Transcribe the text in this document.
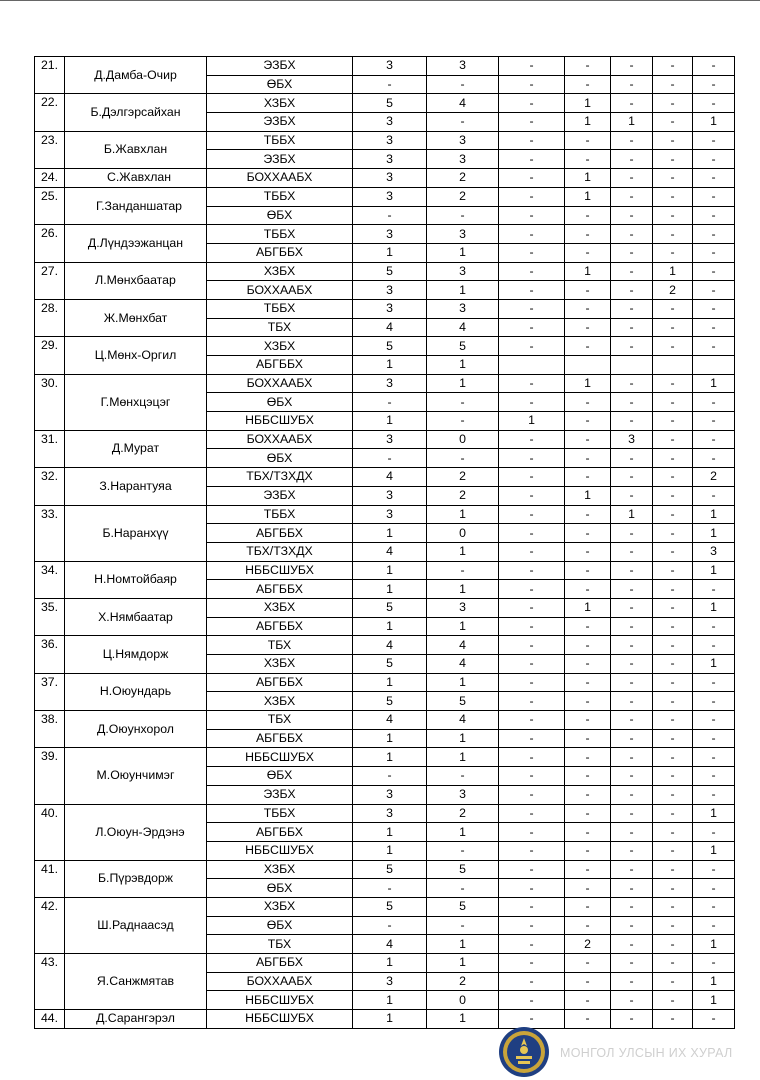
21.	Д.Дамба-Очир	ЭЗБХ	3	3	-	-	-	-	-
		ӨБХ	-	-	-	-	-	-	-
22.	Б.Дэлгэрсайхан	ХЗБХ	5	4	-	1	-	-	-
		ЭЗБХ	3	-	-	1	1	-	1
23.	Б.Жавхлан	ТББХ	3	3	-	-	-	-	-
		ЭЗБХ	3	3	-	-	-	-	-
24.	С.Жавхлан	БОХХААБХ	3	2	-	1	-	-	-
25.	Г.Занданшатар	ТББХ	3	2	-	1	-	-	-
		ӨБХ	-	-	-	-	-	-	-
26.	Д.Лүндээжанцан	ТББХ	3	3	-	-	-	-	-
		АБГББХ	1	1	-	-	-	-	-
27.	Л.Мөнхбаатар	ХЗБХ	5	3	-	1	-	1	-
		БОХХААБХ	3	1	-	-	-	2	-
28.	Ж.Мөнхбат	ТББХ	3	3	-	-	-	-	-
		ТБХ	4	4	-	-	-	-	-
29.	Ц.Мөнх-Оргил	ХЗБХ	5	5	-	-	-	-	-
		АБГББХ	1	1					
30.	Г.Мөнхцэцэг	БОХХААБХ	3	1	-	1	-	-	1
		ӨБХ	-	-	-	-	-	-	-
		НББСШУБХ	1	-	1	-	-	-	-
31.	Д.Мурат	БОХХААБХ	3	0	-	-	3	-	-
		ӨБХ	-	-	-	-	-	-	-
32.	З.Нарантуяа	ТБХ/ТЗХДХ	4	2	-	-	-	-	2
		ЭЗБХ	3	2	-	1	-	-	-
33.	Б.Наранхүү	ТББХ	3	1	-	-	1	-	1
		АБГББХ	1	0	-	-	-	-	1
		ТБХ/ТЗХДХ	4	1	-	-	-	-	3
34.	Н.Номтойбаяр	НББСШУБХ	1	-	-	-	-	-	1
		АБГББХ	1	1	-	-	-	-	-
35.	Х.Нямбаатар	ХЗБХ	5	3	-	1	-	-	1
		АБГББХ	1	1	-	-	-	-	-
36.	Ц.Нямдорж	ТБХ	4	4	-	-	-	-	-
		ХЗБХ	5	4	-	-	-	-	1
37.	Н.Оюундарь	АБГББХ	1	1	-	-	-	-	-
		ХЗБХ	5	5	-	-	-	-	-
38.	Д.Оюунхорол	ТБХ	4	4	-	-	-	-	-
		АБГББХ	1	1	-	-	-	-	-
39.	М.Оюунчимэг	НББСШУБХ	1	1	-	-	-	-	-
		ӨБХ	-	-	-	-	-	-	-
		ЭЗБХ	3	3	-	-	-	-	-
40.	Л.Оюун-Эрдэнэ	ТББХ	3	2	-	-	-	-	1
		АБГББХ	1	1	-	-	-	-	-
		НББСШУБХ	1	-	-	-	-	-	1
41.	Б.Пүрэвдорж	ХЗБХ	5	5	-	-	-	-	-
		ӨБХ	-	-	-	-	-	-	-
42.	Ш.Раднаасэд	ХЗБХ	5	5	-	-	-	-	-
		ӨБХ	-	-	-	-	-	-	-
		ТБХ	4	1	-	2	-	-	1
43.	Я.Санжмятав	АБГББХ	1	1	-	-	-	-	-
		БОХХААБХ	3	2	-	-	-	-	1
		НББСШУБХ	1	0	-	-	-	-	1
44.	Д.Сарангэрэл	НББСШУБХ	1	1	-	-	-	-	-
МОНГОЛ УЛСЫН ИХ ХУРАЛ
